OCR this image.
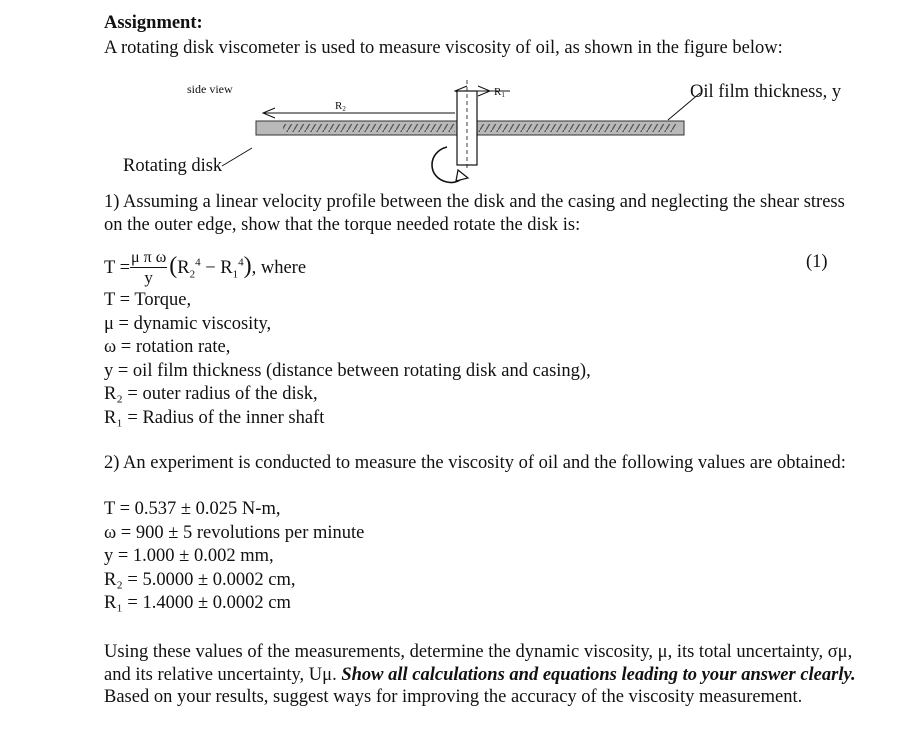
Assignment:
A rotating disk viscometer is used to measure viscosity of oil, as shown in the figure below:
side view
R2
R1	Oil film thickness, y
Rotating disk
1) Assuming a linear velocity profile between the disk and the casing and neglecting the shear stress on the outer edge, show that the torque needed rotate the disk is:
$T = \frac{\text{μ π ω}}{y} (R_2^4 - R_1^4)$, where	(1)
T = Torque,
μ = dynamic viscosity,
ω = rotation rate,
y = oil film thickness (distance between rotating disk and casing),
R₂ = outer radius of the disk,
R₁ = Radius of the inner shaft
2) An experiment is conducted to measure the viscosity of oil and the following values are obtained:
T = 0.537 ± 0.025 N-m,
ω = 900 ± 5 revolutions per minute
y = 1.000 ± 0.002 mm,
R₂ = 5.0000 ± 0.0002 cm,
R₁ = 1.4000 ± 0.0002 cm
Using these values of the measurements, determine the dynamic viscosity, μ, its total uncertainty, σμ, and its relative uncertainty, Uμ. Show all calculations and equations leading to your answer clearly. Based on your results, suggest ways for improving the accuracy of the viscosity measurement.
